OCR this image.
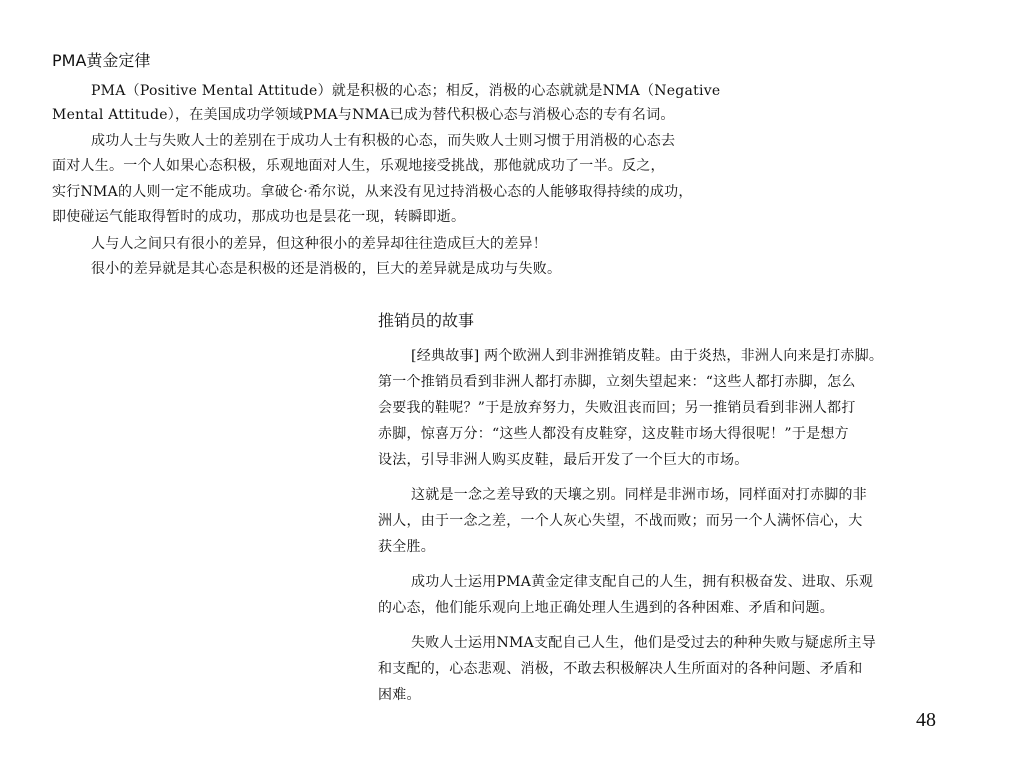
PMA黄金定律
PMA（Positive Mental Attitude）就是积极的心态；相反，消极的心态就就是NMA（Negative
Mental Attitude），在美国成功学领域PMA与NMA已成为替代积极心态与消极心态的专有名词。
成功人士与失败人士的差别在于成功人士有积极的心态，而失败人士则习惯于用消极的心态去
面对人生。一个人如果心态积极，乐观地面对人生，乐观地接受挑战，那他就成功了一半。反之，
实行NMA的人则一定不能成功。拿破仑·希尔说，从来没有见过持消极心态的人能够取得持续的成功，
即使碰运气能取得暂时的成功，那成功也是昙花一现，转瞬即逝。
人与人之间只有很小的差异，但这种很小的差异却往往造成巨大的差异！
很小的差异就是其心态是积极的还是消极的，巨大的差异就是成功与失败。
推销员的故事
[经典故事] 两个欧洲人到非洲推销皮鞋。由于炎热，非洲人向来是打赤脚。
第一个推销员看到非洲人都打赤脚，立刻失望起来：“这些人都打赤脚，怎么
会要我的鞋呢？”于是放弃努力，失败沮丧而回；另一推销员看到非洲人都打
赤脚，惊喜万分：“这些人都没有皮鞋穿，这皮鞋市场大得很呢！”于是想方
设法，引导非洲人购买皮鞋，最后开发了一个巨大的市场。
这就是一念之差导致的天壤之别。同样是非洲市场，同样面对打赤脚的非
洲人，由于一念之差，一个人灰心失望，不战而败；而另一个人满怀信心，大
获全胜。
成功人士运用PMA黄金定律支配自己的人生，拥有积极奋发、进取、乐观
的心态，他们能乐观向上地正确处理人生遇到的各种困难、矛盾和问题。
失败人士运用NMA支配自己人生，他们是受过去的种种失败与疑虑所主导
和支配的，心态悲观、消极，不敢去积极解决人生所面对的各种问题、矛盾和
困难。
48
